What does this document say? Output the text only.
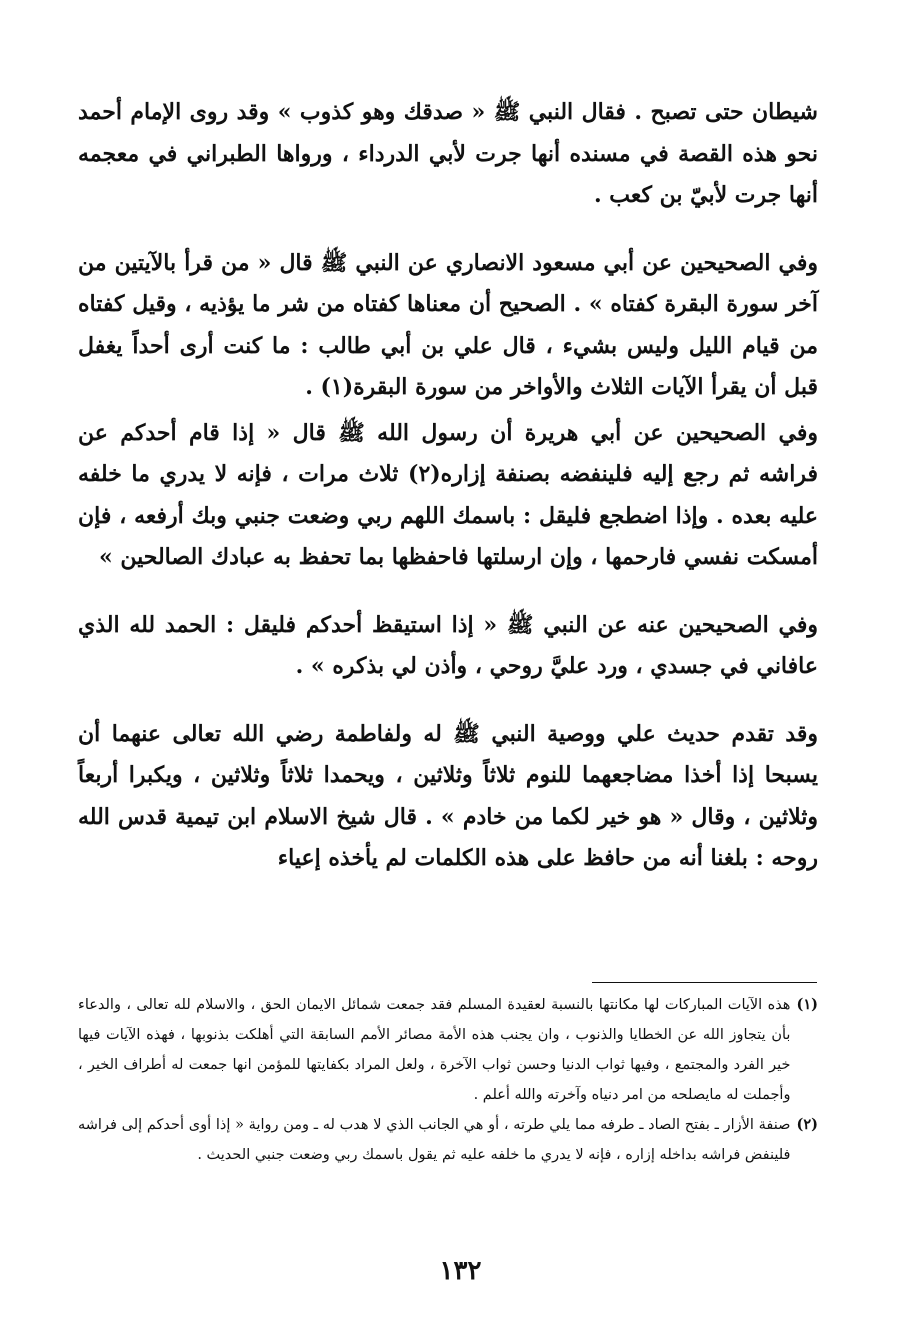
شيطان حتى تصبح . فقال النبي ﷺ « صدقك وهو كذوب » وقد روى الإمام أحمد نحو هذه القصة في مسنده أنها جرت لأبي الدرداء ، ورواها الطبراني في معجمه أنها جرت لأبيّ بن كعب .

وفي الصحيحين عن أبي مسعود الانصاري عن النبي ﷺ قال « من قرأ بالآيتين من آخر سورة البقرة كفتاه » . الصحيح أن معناها كفتاه من شر ما يؤذيه ، وقيل كفتاه من قيام الليل وليس بشيء ، قال علي بن أبي طالب : ما كنت أرى أحداً يغفل قبل أن يقرأ الآيات الثلاث والأواخر من سورة البقرة(١) .

وفي الصحيحين عن أبي هريرة أن رسول الله ﷺ قال « إذا قام أحدكم عن فراشه ثم رجع إليه فلينفضه بصنفة إزاره(٢) ثلاث مرات ، فإنه لا يدري ما خلفه عليه بعده . وإذا اضطجع فليقل : باسمك اللهم ربي وضعت جنبي وبك أرفعه ، فإن أمسكت نفسي فارحمها ، وإن ارسلتها فاحفظها بما تحفظ به عبادك الصالحين »

وفي الصحيحين عنه عن النبي ﷺ « إذا استيقظ أحدكم فليقل : الحمد لله الذي عافاني في جسدي ، ورد عليَّ روحي ، وأذن لي بذكره » .

وقد تقدم حديث علي ووصية النبي ﷺ له ولفاطمة رضي الله تعالى عنهما أن يسبحا إذا أخذا مضاجعهما للنوم ثلاثاً وثلاثين ، ويحمدا ثلاثاً وثلاثين ، ويكبرا أربعاً وثلاثين ، وقال « هو خير لكما من خادم » . قال شيخ الاسلام ابن تيمية قدس الله روحه : بلغنا أنه من حافظ على هذه الكلمات لم يأخذه إعياء

(١)
هذه الآيات المباركات لها مكانتها بالنسبة لعقيدة المسلم فقد جمعت شمائل الايمان الحق ، والاسلام لله تعالى ، والدعاء بأن يتجاوز الله عن الخطايا والذنوب ، وان يجنب هذه الأمة مصائر الأمم السابقة التي أهلكت بذنوبها ، فهذه الآيات فيها خير الفرد والمجتمع ، وفيها ثواب الدنيا وحسن ثواب الآخرة ، ولعل المراد بكفايتها للمؤمن انها جمعت له أطراف الخير ، وأجملت له مايصلحه من امر دنياه وآخرته والله أعلم .
(٢)
صنفة الأزار ـ بفتح الصاد ـ طرفه مما يلي طرته ، أو هي الجانب الذي لا هدب له ـ ومن رواية « إذا أوى أحدكم إلى فراشه فلينفض فراشه بداخله إزاره ، فإنه لا يدري ما خلفه عليه ثم يقول باسمك ربي وضعت جنبي الحديث .
١٣٢
